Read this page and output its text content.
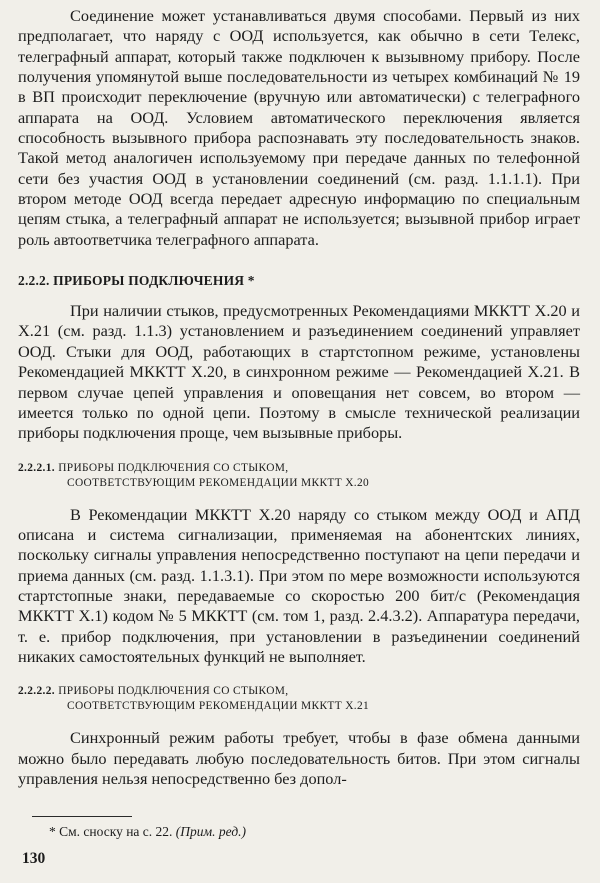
Соединение может устанавливаться двумя способами. Первый из них предполагает, что наряду с ООД используется, как обычно в сети Телекс, телеграфный аппарат, который также подключен к вызывному прибору. После получения упомянутой выше последовательности из четырех комбинаций № 19 в ВП происходит переключение (вручную или автоматически) с телеграфного аппарата на ООД. Условием автоматического переключения является способность вызывного прибора распознавать эту последовательность знаков. Такой метод аналогичен используемому при передаче данных по телефонной сети без участия ООД в установлении соединений (см. разд. 1.1.1.1). При втором методе ООД всегда передает адресную информацию по специальным цепям стыка, а телеграфный аппарат не используется; вызывной прибор играет роль автоответчика телеграфного аппарата.

2.2.2. ПРИБОРЫ ПОДКЛЮЧЕНИЯ *

При наличии стыков, предусмотренных Рекомендациями МККТТ X.20 и X.21 (см. разд. 1.1.3) установлением и разъединением соединений управляет ООД. Стыки для ООД, работающих в стартстопном режиме, установлены Рекомендацией МККТТ X.20, в синхронном режиме — Рекомендацией X.21. В первом случае цепей управления и оповещания нет совсем, во втором — имеется только по одной цепи. Поэтому в смысле технической реализации приборы подключения проще, чем вызывные приборы.

2.2.2.1. ПРИБОРЫ ПОДКЛЮЧЕНИЯ СО СТЫКОМ,
СООТВЕТСТВУЮЩИМ РЕКОМЕНДАЦИИ МККТТ X.20

В Рекомендации МККТТ X.20 наряду со стыком между ООД и АПД описана и система сигнализации, применяемая на абонентских линиях, поскольку сигналы управления непосредственно поступают на цепи передачи и приема данных (см. разд. 1.1.3.1). При этом по мере возможности используются стартстопные знаки, передаваемые со скоростью 200 бит/с (Рекомендация МККТТ X.1) кодом № 5 МККТТ (см. том 1, разд. 2.4.3.2). Аппаратура передачи, т. е. прибор подключения, при установлении в разъединении соединений никаких самостоятельных функций не выполняет.

2.2.2.2. ПРИБОРЫ ПОДКЛЮЧЕНИЯ СО СТЫКОМ,
СООТВЕТСТВУЮЩИМ РЕКОМЕНДАЦИИ МККТТ X.21

Синхронный режим работы требует, чтобы в фазе обмена данными можно было передавать любую последовательность битов. При этом сигналы управления нельзя непосредственно без допол-

* См. сноску на с. 22. (Прим. ред.)
130
